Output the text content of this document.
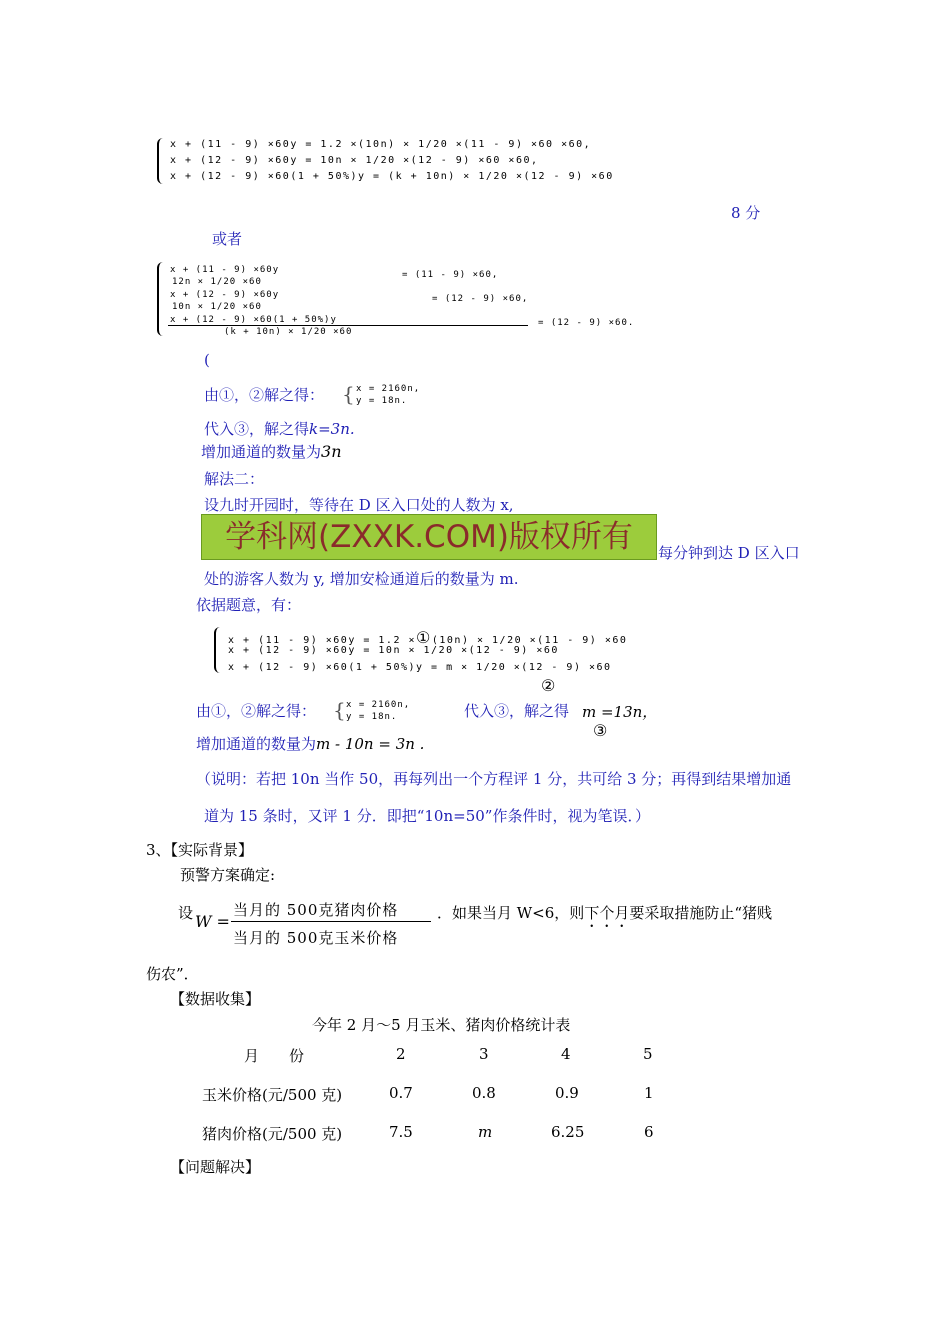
x + (11 - 9) ×60y = 1.2 ×(10n) × 1/20 ×(11 - 9) ×60 ×60,
x + (12 - 9) ×60y = 10n × 1/20 ×(12 - 9) ×60 ×60,
x + (12 - 9) ×60(1 + 50%)y = (k + 10n) × 1/20 ×(12 - 9) ×60
8 分
或者
x + (11 - 9) ×60y
12n × 1/20 ×60
= (11 - 9) ×60,
x + (12 - 9) ×60y
10n × 1/20 ×60
= (12 - 9) ×60,
x + (12 - 9) ×60(1 + 50%)y
(k + 10n) × 1/20 ×60
= (12 - 9) ×60.
(
由①，②解之得： { x = 2160n,
y = 18n.
代入③，解之得k=3n.
增加通道的数量为3n
解法二：
设九时开园时，等待在 D 区入口处的人数为 x,
学科网(ZXXK.COM)版权所有	每分钟到达 D 区入口
处的游客人数为 y, 增加安检通道后的数量为 m.
依据题意，有：
x + (11 - 9) ×60y = 1.2 ×①(10n) × 1/20 ×(11 - 9) ×60
x + (12 - 9) ×60y = 10n × 1/20 ×(12 - 9) ×60
x + (12 - 9) ×60(1 + 50%)y = m × 1/20 ×(12 - 9) ×60
②
由①，②解之得： { x = 2160n,
y = 18n.	代入③，解之得 m =13n，
③
增加通道的数量为m - 10n = 3n .
（说明：若把 10n 当作 50，再每列出一个方程评 1 分，共可给 3 分；再得到结果增加通
道为 15 条时，又评 1 分．即把“10n=50”作条件时，视为笔误．）
3、【实际背景】
预警方案确定:
设 W =
当月的 500克猪肉价格
当月的 500克玉米价格
．如果当月 W<6，则下个月要采取措施防止“猪贱
伤农”．
【数据收集】
今年 2 月～5 月玉米、猪肉价格统计表
月　　份	2	3	4	5
玉米价格(元/500 克)	0.7	0.8	0.9	1
猪肉价格(元/500 克)	7.5	m	6.25	6
【问题解决】
